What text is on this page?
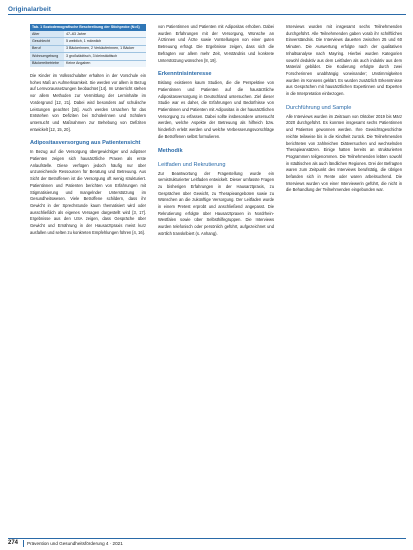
Originalarbeit
Tab. 1 Soziodemografische Beschreibung der Stichprobe (N=6)
Alter	47–63 Jahre
Geschlecht	5 weiblich, 1 männlich
Beruf	3 Bäckerinnen, 2 Verkäuferinnen, 1 Bäcker
Wohnumgebung	3 großstädtisch, 3 kleinstädtisch
Bäckereibetriebe	Keine Angaben

Die Kinder im Volksschulalter erhalten in der Vorschule ein hohes Maß an Aufmerksamkeit. Sie werden vor allem in Bezug auf Lernvoraussetzungen beobachtet [14]. Im Unterricht stehen vor allem Methoden zur Vermittlung der Lerninhalte im Vordergrund [12, 21]. Dabei wird besonders auf schulische Leistungen geachtet [15]. Auch werden Ursachen für das Entstehen von Defiziten bei Schülerinnen und Schülern untersucht und Maßnahmen zur Behebung von Defiziten entwickelt [12, 15, 20].

Adipositasversorgung aus Patientensicht

In Bezug auf die Versorgung übergewichtiger und adipöser Patienten zeigen sich hausärztliche Praxen als erste Anlaufstelle. Diese verfügen jedoch häufig nur über unzureichende Ressourcen für Beratung und Betreuung. Aus Sicht der Betroffenen ist die Versorgung oft wenig strukturiert. Patientinnen und Patienten berichten von Erfahrungen mit Stigmatisierung und mangelnder Unterstützung im Gesundheitswesen. Viele Betroffene schildern, dass ihr Gewicht in der Sprechstunde kaum thematisiert wird oder ausschließlich als eigenes Versagen dargestellt wird [3, 17]. Ergebnisse aus den USA zeigen, dass Gespräche über Gewicht und Ernährung in der Hausarztpraxis meist kurz ausfallen und selten zu konkreten Empfehlungen führen [4, 16].

von Patientinnen und Patienten mit Adipositas erhoben. Dabei wurden Erfahrungen mit der Versorgung, Wünsche an Ärztinnen und Ärzte sowie Vorstellungen von einer guten Betreuung erfragt. Die Ergebnisse zeigen, dass sich die Befragten vor allem mehr Zeit, Verständnis und konkrete Unterstützung wünschen [8, 19].

Erkenntnisinteresse

Bislang existieren kaum Studien, die die Perspektive von Patientinnen und Patienten auf die hausärztliche Adipositasversorgung in Deutschland untersuchen. Ziel dieser Studie war es daher, die Erfahrungen und Bedürfnisse von Patientinnen und Patienten mit Adipositas in der hausärztlichen Versorgung zu erfassen. Dabei sollte insbesondere untersucht werden, welche Aspekte der Betreuung als hilfreich bzw. hinderlich erlebt werden und welche Verbesserungsvorschläge die Betroffenen selbst formulieren.

Methodik
Leitfaden und Rekrutierung

Zur Beantwortung der Fragestellung wurde ein semistrukturierter Leitfaden entwickelt. Dieser umfasste Fragen zu bisherigen Erfahrungen in der Hausarztpraxis, zu Gesprächen über Gewicht, zu Therapieangeboten sowie zu Wünschen an die zukünftige Versorgung. Der Leitfaden wurde in einem Pretest erprobt und anschließend angepasst. Die Rekrutierung erfolgte über Hausarztpraxen in Nordrhein-Westfalen sowie über Selbsthilfegruppen. Die Interviews wurden telefonisch oder persönlich geführt, aufgezeichnet und wörtlich transkribiert (s. Anhang).

Interviews wurden mit insgesamt sechs Teilnehmenden durchgeführt. Alle Teilnehmenden gaben vorab ihr schriftliches Einverständnis. Die Interviews dauerten zwischen 25 und 60 Minuten. Die Auswertung erfolgte nach der qualitativen Inhaltsanalyse nach Mayring. Hierbei wurden Kategorien sowohl deduktiv aus dem Leitfaden als auch induktiv aus dem Material gebildet. Die Kodierung erfolgte durch zwei Forscherinnen unabhängig voneinander; Unstimmigkeiten wurden im Konsens geklärt. Es wurden zusätzlich Erkenntnisse aus Gesprächen mit hausärztlichen Expertinnen und Experten in die Interpretation einbezogen.

Durchführung und Sample

Alle Interviews wurden im Zeitraum von Oktober 2019 bis März 2020 durchgeführt. Es konnten insgesamt sechs Patientinnen und Patienten gewonnen werden. Ihre Gewichtsgeschichte reichte teilweise bis in die Kindheit zurück. Die Teilnehmenden berichteten von zahlreichen Diätversuchen und wechselnden Therapieansätzen. Einige hatten bereits an strukturierten Programmen teilgenommen. Die Teilnehmenden lebten sowohl in städtischen als auch ländlichen Regionen. Drei der Befragten waren zum Zeitpunkt des Interviews berufstätig, die übrigen befanden sich in Rente oder waren arbeitsuchend. Die Interviews wurden von einer Interviewerin geführt, die nicht in die Behandlung der Teilnehmenden eingebunden war.

274 Prävention und Gesundheitsförderung 4 · 2021
